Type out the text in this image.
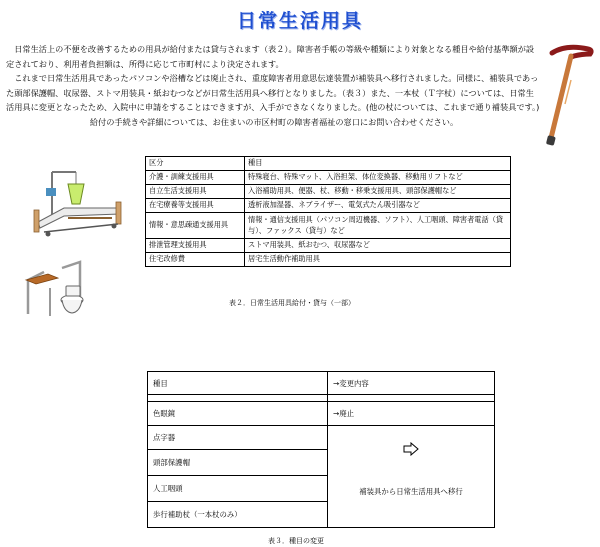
日常生活用具

日常生活上の不便を改善するための用具が給付または貸与されます（表２）。障害者手帳の等級や種類により対象となる種目や給付基準額が設定されており、利用者負担額は、所得に応じて市町村により決定されます。

これまで日常生活用具であったパソコンや浴槽などは廃止され、重度障害者用意思伝達装置が補装具へ移行されました。同様に、補装具であった頭部保護帽、収尿器、ストマ用装具・紙おむつなどが日常生活用具へ移行となりました。（表３）また、一本杖（Ｔ字杖）については、日常生活用具に変更となったため、入院中に申請をすることはできますが、入手ができなくなりました。(他の杖については、これまで通り補装具です。)

給付の手続きや詳細については、お住まいの市区村町の障害者福祉の窓口にお問い合わせください。

区分	種目
介護・訓練支援用具	特殊寝台、特殊マット、入浴担架、体位変換器、移動用リフトなど
自立生活支援用具	入浴補助用具、便器、杖、移動・移乗支援用具、頭部保護帽など
在宅療養等支援用具	透析液加湿器、ネブライザー、電気式たん吸引器など
情報・意思疎通支援用具	情報・通信支援用具（パソコン周辺機器、ソフト）、人工咽頭、障害者電話（貸与）、ファックス（貸与）など
排泄管理支援用具	ストマ用装具、紙おむつ、収尿器など
住宅改修費	居宅生活動作補助用具
表２．日常生活用具給付・貸与（一部）
種目	→変更内容

色眼鏡	→廃止
点字器	補装具から日常生活用具へ移行

頭部保護帽	
人工咽頭	
歩行補助杖（一本杖のみ）	
表３．種目の変更
